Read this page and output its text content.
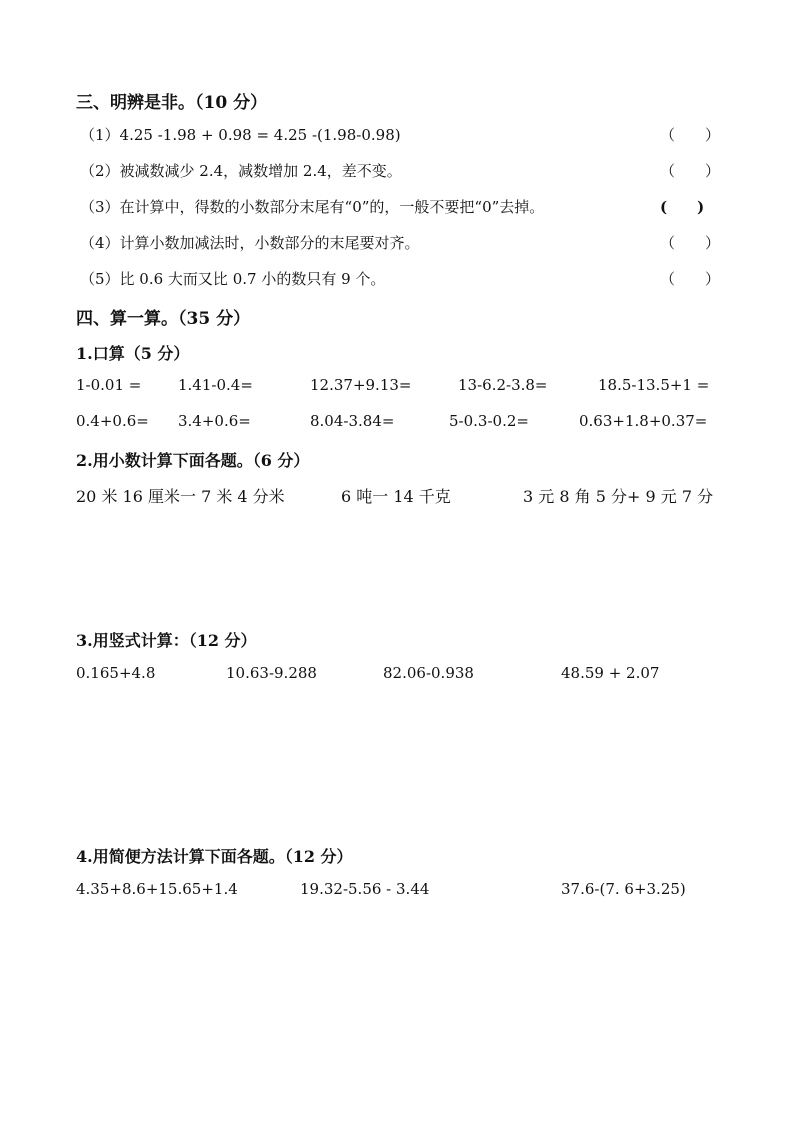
三、明辨是非。（10 分）
（1）4.25 -1.98 + 0.98 = 4.25 -(1.98-0.98)	（　　）
（2）被减数减少 2.4，减数增加 2.4，差不变。	（　　）
（3）在计算中，得数的小数部分末尾有“0”的，一般不要把“0”去掉。	(　　)
（4）计算小数加减法时，小数部分的末尾要对齐。	（　　）
（5）比 0.6 大而又比 0.7 小的数只有 9 个。	（　　）
四、算一算。（35 分）
1.口算（5 分）
1-0.01 = 1.41-0.4=	12.37+9.13=	13-6.2-3.8=	18.5-13.5+1 =
0.4+0.6= 3.4+0.6=	8.04-3.84=	5-0.3-0.2=	0.63+1.8+0.37=
2.用小数计算下面各题。（6 分）
20 米 16 厘米一 7 米 4 分米	6 吨一 14 千克	3 元 8 角 5 分+ 9 元 7 分
3.用竖式计算：（12 分）
0.165+4.8	10.63-9.288	82.06-0.938	48.59 + 2.07
4.用简便方法计算下面各题。（12 分）
4.35+8.6+15.65+1.4	19.32-5.56 - 3.44	37.6-(7. 6+3.25)
